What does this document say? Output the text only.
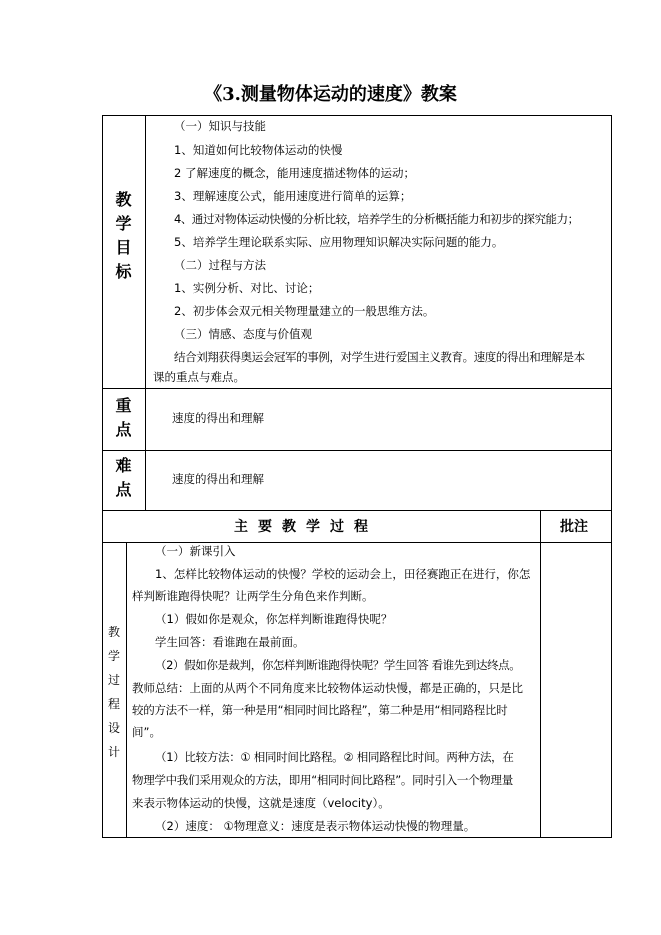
《3.测量物体运动的速度》教案
教
学
目
标
（一）知识与技能
1、知道如何比较物体运动的快慢
2 了解速度的概念，能用速度描述物体的运动；
3、理解速度公式，能用速度进行简单的运算；
4、通过对物体运动快慢的分析比较，培养学生的分析概括能力和初步的探究能力；
5、培养学生理论联系实际、应用物理知识解决实际问题的能力。
（二）过程与方法
1、实例分析、对比、讨论；
2、初步体会双元相关物理量建立的一般思维方法。
（三）情感、态度与价值观
结合刘翔获得奥运会冠军的事例，对学生进行爱国主义教育。速度的得出和理解是本
课的重点与难点。
重
点
速度的得出和理解
难
点
速度的得出和理解
主要教学过程	批注
教
学
过
程
设
计
（一）新课引入
1、怎样比较物体运动的快慢？学校的运动会上，田径赛跑正在进行，你怎
样判断谁跑得快呢？让两学生分角色来作判断。
（1）假如你是观众，你怎样判断谁跑得快呢？
学生回答：看谁跑在最前面。
（2）假如你是裁判，你怎样判断谁跑得快呢？学生回答 看谁先到达终点。
教师总结：上面的从两个不同角度来比较物体运动快慢，都是正确的，只是比
较的方法不一样，第一种是用“相同时间比路程”，第二种是用“相同路程比时
间”。
（1）比较方法：① 相同时间比路程。② 相同路程比时间。两种方法，在
物理学中我们采用观众的方法，即用“相同时间比路程”。同时引入一个物理量
来表示物体运动的快慢，这就是速度（velocity）。
（2）速度： ①物理意义：速度是表示物体运动快慢的物理量。
